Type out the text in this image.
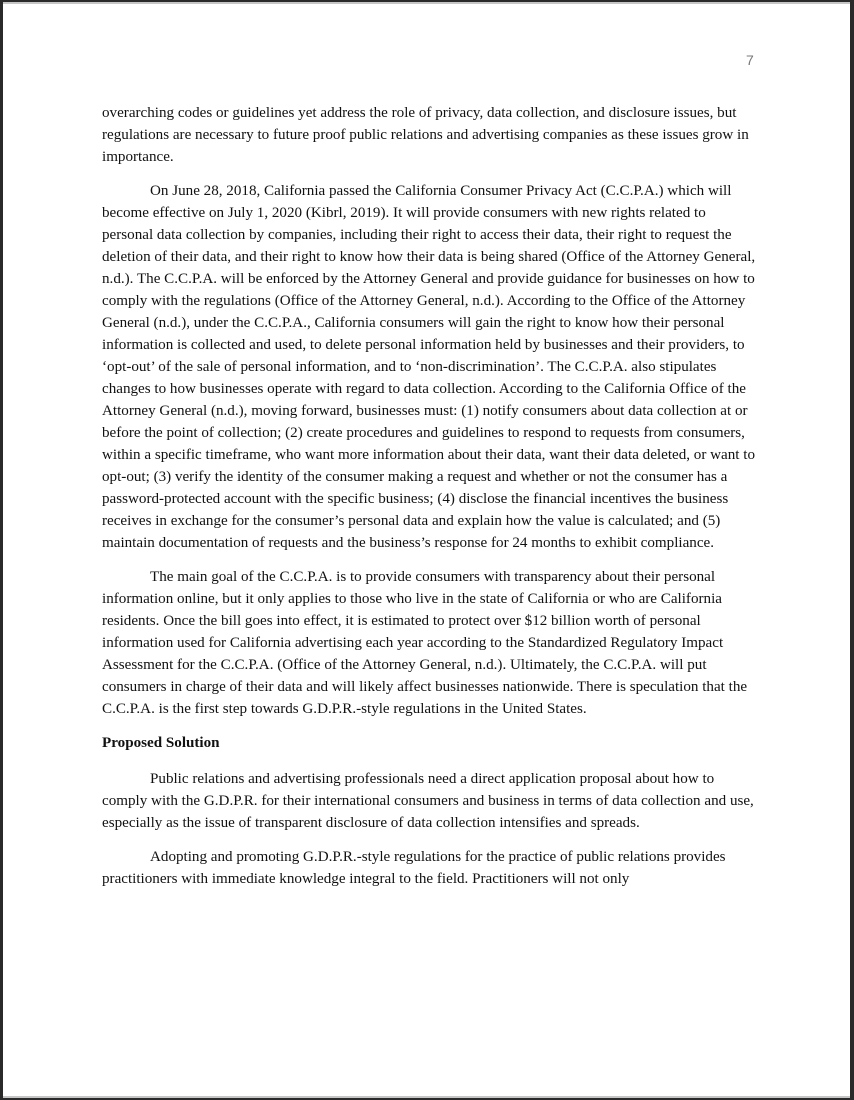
7

overarching codes or guidelines yet address the role of privacy, data collection, and disclosure issues, but regulations are necessary to future proof public relations and advertising companies as these issues grow in importance.

On June 28, 2018, California passed the California Consumer Privacy Act (C.C.P.A.) which will become effective on July 1, 2020 (Kibrl, 2019). It will provide consumers with new rights related to personal data collection by companies, including their right to access their data, their right to request the deletion of their data, and their right to know how their data is being shared (Office of the Attorney General, n.d.). The C.C.P.A. will be enforced by the Attorney General and provide guidance for businesses on how to comply with the regulations (Office of the Attorney General, n.d.). According to the Office of the Attorney General (n.d.), under the C.C.P.A., California consumers will gain the right to know how their personal information is collected and used, to delete personal information held by businesses and their providers, to ‘opt-out’ of the sale of personal information, and to ‘non-discrimination’. The C.C.P.A. also stipulates changes to how businesses operate with regard to data collection. According to the California Office of the Attorney General (n.d.), moving forward, businesses must: (1) notify consumers about data collection at or before the point of collection; (2) create procedures and guidelines to respond to requests from consumers, within a specific timeframe, who want more information about their data, want their data deleted, or want to opt-out; (3) verify the identity of the consumer making a request and whether or not the consumer has a password-protected account with the specific business; (4) disclose the financial incentives the business receives in exchange for the consumer’s personal data and explain how the value is calculated; and (5) maintain documentation of requests and the business’s response for 24 months to exhibit compliance.

The main goal of the C.C.P.A. is to provide consumers with transparency about their personal information online, but it only applies to those who live in the state of California or who are California residents. Once the bill goes into effect, it is estimated to protect over $12 billion worth of personal information used for California advertising each year according to the Standardized Regulatory Impact Assessment for the C.C.P.A. (Office of the Attorney General, n.d.). Ultimately, the C.C.P.A. will put consumers in charge of their data and will likely affect businesses nationwide. There is speculation that the C.C.P.A. is the first step towards G.D.P.R.-style regulations in the United States.

Proposed Solution

Public relations and advertising professionals need a direct application proposal about how to comply with the G.D.P.R. for their international consumers and business in terms of data collection and use, especially as the issue of transparent disclosure of data collection intensifies and spreads.

Adopting and promoting G.D.P.R.-style regulations for the practice of public relations provides practitioners with immediate knowledge integral to the field. Practitioners will not only
